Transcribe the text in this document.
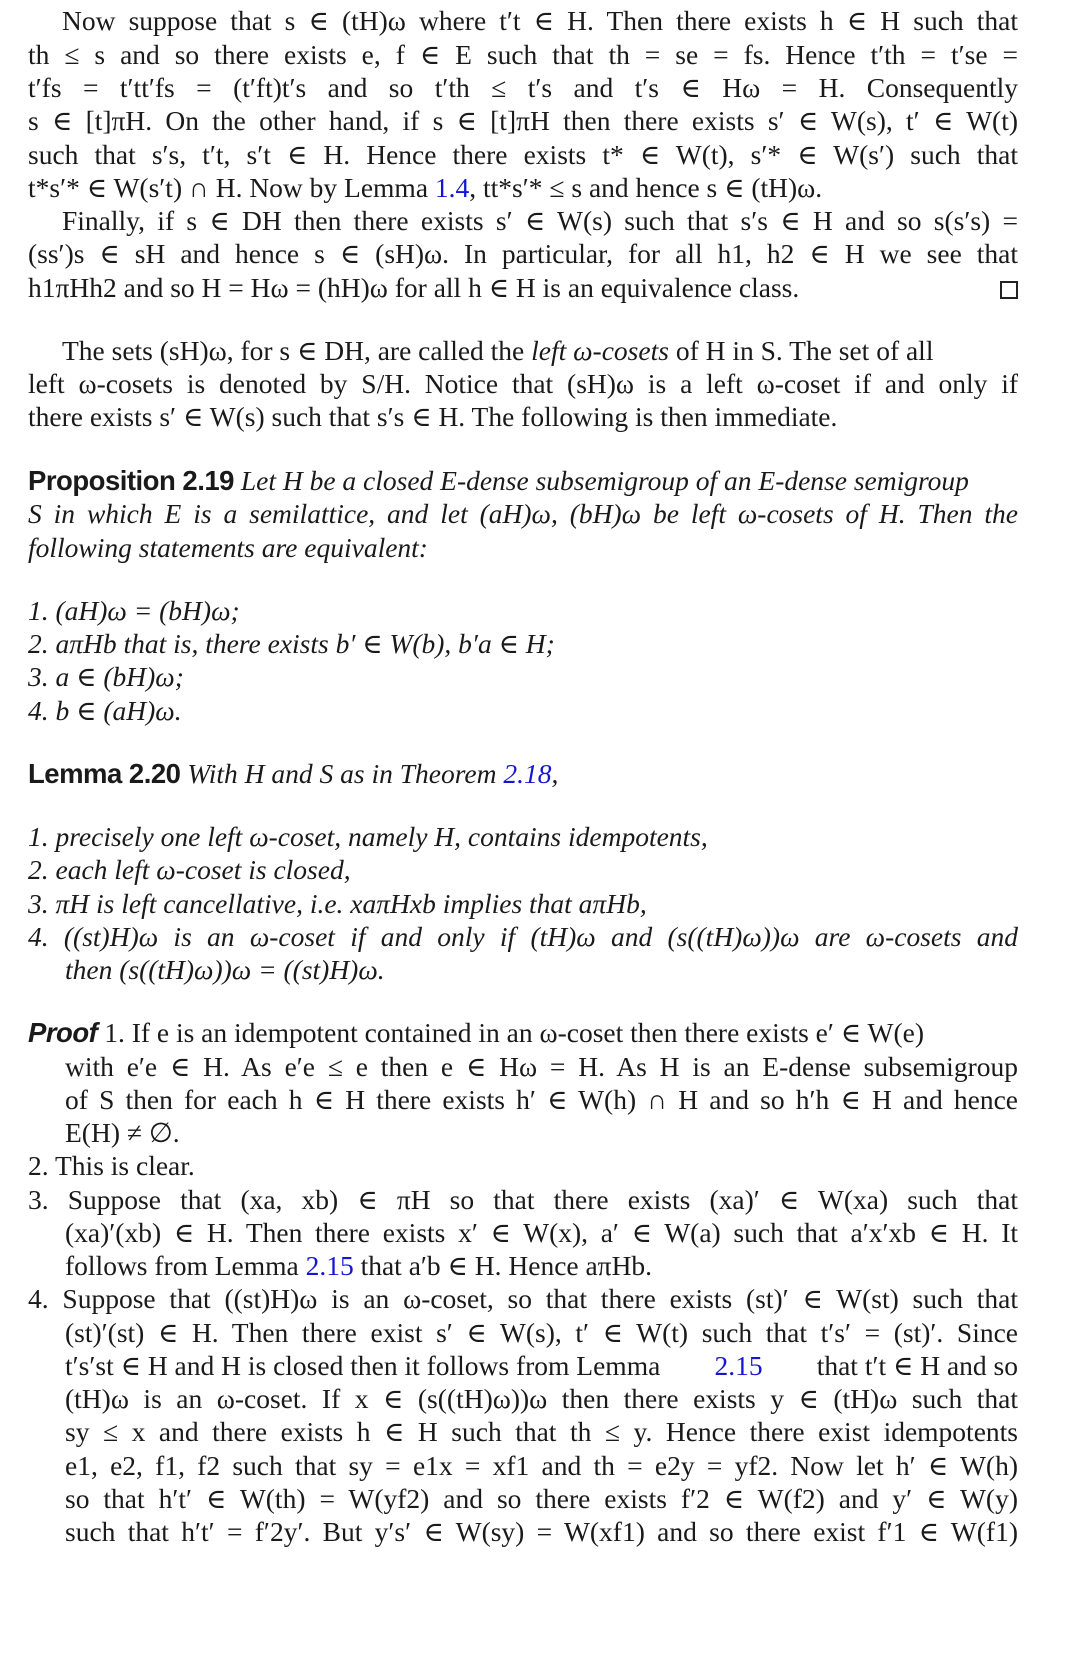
Now suppose that s ∈ (tH)ω where t′t ∈ H. Then there exists h ∈ H such that
th ≤ s and so there exists e, f ∈ E such that th = se = fs. Hence t′th = t′se =
t′fs = t′tt′fs = (t′ft)t′s and so t′th ≤ t′s and t′s ∈ Hω = H. Consequently
s ∈ [t]πH. On the other hand, if s ∈ [t]πH then there exists s′ ∈ W(s), t′ ∈ W(t)
such that s′s, t′t, s′t ∈ H. Hence there exists t* ∈ W(t), s′* ∈ W(s′) such that
t*s′* ∈ W(s′t) ∩ H. Now by Lemma 1.4, tt*s′* ≤ s and hence s ∈ (tH)ω.
Finally, if s ∈ DH then there exists s′ ∈ W(s) such that s′s ∈ H and so s(s′s) =
(ss′)s ∈ sH and hence s ∈ (sH)ω. In particular, for all h1, h2 ∈ H we see that
h1πHh2 and so H = Hω = (hH)ω for all h ∈ H is an equivalence class.
The sets (sH)ω, for s ∈ DH, are called the left ω-cosets of H in S. The set of all
left ω-cosets is denoted by S/H. Notice that (sH)ω is a left ω-coset if and only if
there exists s′ ∈ W(s) such that s′s ∈ H. The following is then immediate.
Proposition 2.19 Let H be a closed E-dense subsemigroup of an E-dense semigroup
S in which E is a semilattice, and let (aH)ω, (bH)ω be left ω-cosets of H. Then the
following statements are equivalent:
1. (aH)ω = (bH)ω;
2. aπHb that is, there exists b′ ∈ W(b), b′a ∈ H;
3. a ∈ (bH)ω;
4. b ∈ (aH)ω.
Lemma 2.20 With H and S as in Theorem 2.18,
1. precisely one left ω-coset, namely H, contains idempotents,
2. each left ω-coset is closed,
3. πH is left cancellative, i.e. xaπHxb implies that aπHb,
4. ((st)H)ω is an ω-coset if and only if (tH)ω and (s((tH)ω))ω are ω-cosets and
then (s((tH)ω))ω = ((st)H)ω.
Proof 1. If e is an idempotent contained in an ω-coset then there exists e′ ∈ W(e)
with e′e ∈ H. As e′e ≤ e then e ∈ Hω = H. As H is an E-dense subsemigroup
of S then for each h ∈ H there exists h′ ∈ W(h) ∩ H and so h′h ∈ H and hence
E(H) ≠ ∅.
2. This is clear.
3. Suppose that (xa, xb) ∈ πH so that there exists (xa)′ ∈ W(xa) such that
(xa)′(xb) ∈ H. Then there exists x′ ∈ W(x), a′ ∈ W(a) such that a′x′xb ∈ H. It
follows from Lemma 2.15 that a′b ∈ H. Hence aπHb.
4. Suppose that ((st)H)ω is an ω-coset, so that there exists (st)′ ∈ W(st) such that
(st)′(st) ∈ H. Then there exist s′ ∈ W(s), t′ ∈ W(t) such that t′s′ = (st)′. Since
t′s′st ∈ H and H is closed then it follows from Lemma 2.15 that t′t ∈ H and so
(tH)ω is an ω-coset. If x ∈ (s((tH)ω))ω then there exists y ∈ (tH)ω such that
sy ≤ x and there exists h ∈ H such that th ≤ y. Hence there exist idempotents
e1, e2, f1, f2 such that sy = e1x = xf1 and th = e2y = yf2. Now let h′ ∈ W(h)
so that h′t′ ∈ W(th) = W(yf2) and so there exists f′2 ∈ W(f2) and y′ ∈ W(y)
such that h′t′ = f′2y′. But y′s′ ∈ W(sy) = W(xf1) and so there exist f′1 ∈ W(f1)
